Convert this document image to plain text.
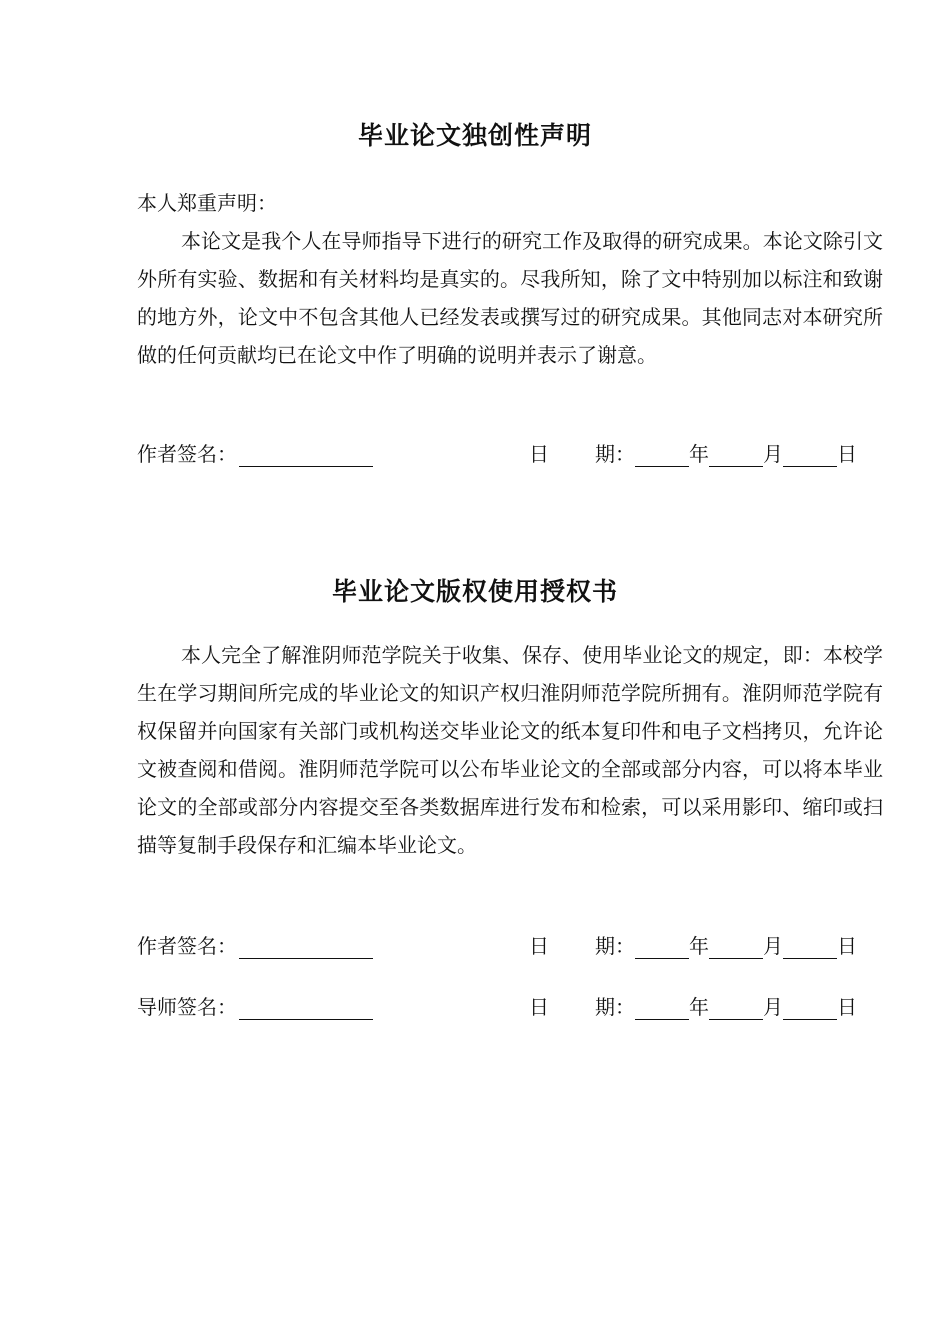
毕业论文独创性声明

本人郑重声明：

本论文是我个人在导师指导下进行的研究工作及取得的研究成果。本论文除引文外所有实验、数据和有关材料均是真实的。尽我所知，除了文中特别加以标注和致谢的地方外，论文中不包含其他人已经发表或撰写过的研究成果。其他同志对本研究所做的任何贡献均已在论文中作了明确的说明并表示了谢意。

作者签名：	日 期：	年	月	日
毕业论文版权使用授权书

本人完全了解淮阴师范学院关于收集、保存、使用毕业论文的规定，即：本校学生在学习期间所完成的毕业论文的知识产权归淮阴师范学院所拥有。淮阴师范学院有权保留并向国家有关部门或机构送交毕业论文的纸本复印件和电子文档拷贝，允许论文被查阅和借阅。淮阴师范学院可以公布毕业论文的全部或部分内容，可以将本毕业论文的全部或部分内容提交至各类数据库进行发布和检索，可以采用影印、缩印或扫描等复制手段保存和汇编本毕业论文。

作者签名：	日 期：	年	月	日
导师签名：	日 期：	年	月	日
